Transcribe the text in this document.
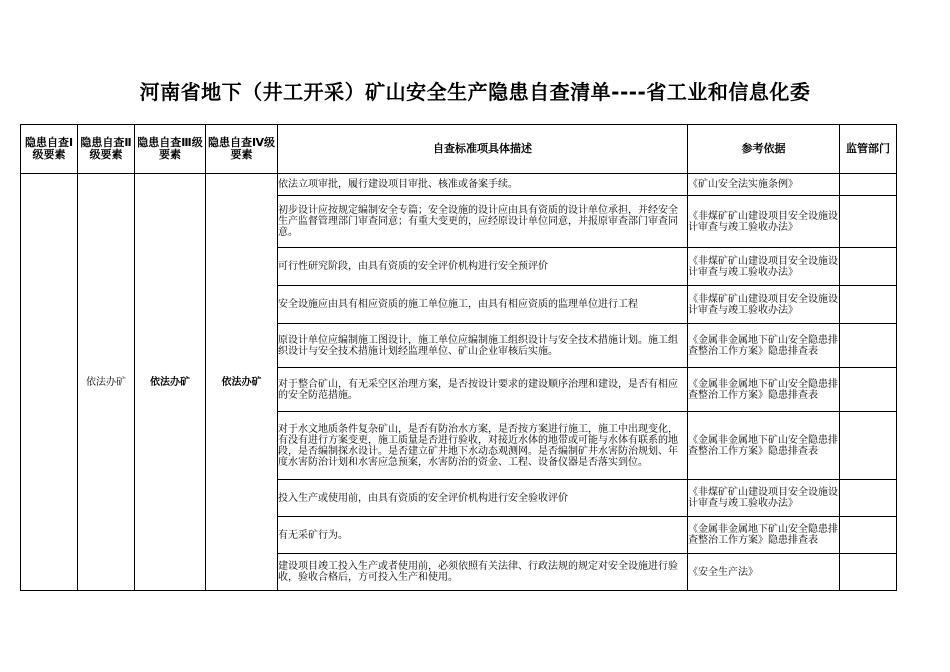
河南省地下（井工开采）矿山安全生产隐患自查清单----省工业和信息化委
隐患自查Ⅰ级要素	隐患自查Ⅱ级要素	隐患自查Ⅲ级要素	隐患自查Ⅳ级要素	自查标准项具体描述	参考依据	监管部门
	依法办矿	依法办矿	依法办矿	依法立项审批，履行建设项目审批、核准或备案手续。	《矿山安全法实施条例》	
				初步设计应按规定编制安全专篇；安全设施的设计应由具有资质的设计单位承担，并经安全生产监督管理部门审查同意；有重大变更的，应经原设计单位同意，并报原审查部门审查同意。	《非煤矿矿山建设项目安全设施设计审查与竣工验收办法》	
				可行性研究阶段，由具有资质的安全评价机构进行安全预评价	《非煤矿矿山建设项目安全设施设计审查与竣工验收办法》	
				安全设施应由具有相应资质的施工单位施工，由具有相应资质的监理单位进行工程	《非煤矿矿山建设项目安全设施设计审查与竣工验收办法》	
				原设计单位应编制施工图设计，施工单位应编制施工组织设计与安全技术措施计划。施工组织设计与安全技术措施计划经监理单位、矿山企业审核后实施。	《金属非金属地下矿山安全隐患排查整治工作方案》隐患排查表	
				对于整合矿山，有无采空区治理方案，是否按设计要求的建设顺序治理和建设，是否有相应的安全防范措施。	《金属非金属地下矿山安全隐患排查整治工作方案》隐患排查表	
				对于水文地质条件复杂矿山，是否有防治水方案，是否按方案进行施工，施工中出现变化，有没有进行方案变更，施工质量是否进行验收，对接近水体的地带或可能与水体有联系的地段，是否编制探水设计。是否建立矿井地下水动态观测网。是否编制矿井水害防治规划、年度水害防治计划和水害应急预案，水害防治的资金、工程、设备仪器是否落实到位。	《金属非金属地下矿山安全隐患排查整治工作方案》隐患排查表	
				投入生产或使用前，由具有资质的安全评价机构进行安全验收评价	《非煤矿矿山建设项目安全设施设计审查与竣工验收办法》	
				有无采矿行为。	《金属非金属地下矿山安全隐患排查整治工作方案》隐患排查表	
				建设项目竣工投入生产或者使用前，必须依照有关法律、行政法规的规定对安全设施进行验收，验收合格后，方可投入生产和使用。	《安全生产法》	
